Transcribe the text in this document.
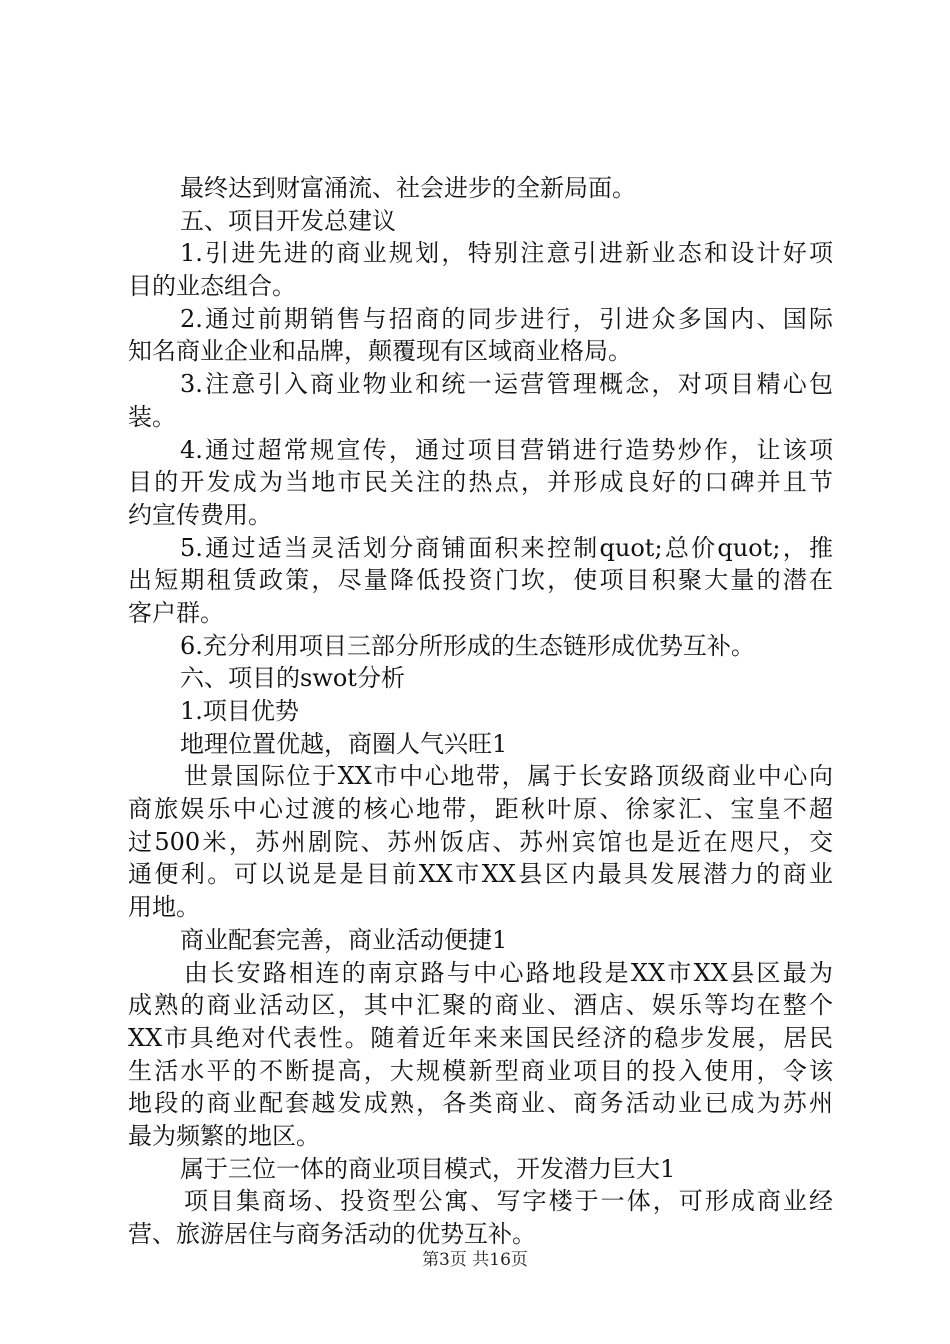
最终达到财富涌流、社会进步的全新局面。
五、项目开发总建议
1.引进先进的商业规划，特别注意引进新业态和设计好项
目的业态组合。
2.通过前期销售与招商的同步进行，引进众多国内、国际
知名商业企业和品牌，颠覆现有区域商业格局。
3.注意引入商业物业和统一运营管理概念，对项目精心包
装。
4.通过超常规宣传，通过项目营销进行造势炒作，让该项
目的开发成为当地市民关注的热点，并形成良好的口碑并且节
约宣传费用。
5.通过适当灵活划分商铺面积来控制quot;总价quot;，推
出短期租赁政策，尽量降低投资门坎，使项目积聚大量的潜在
客户群。
6.充分利用项目三部分所形成的生态链形成优势互补。
六、项目的swot分析
1.项目优势
地理位置优越，商圈人气兴旺1
世景国际位于XX市中心地带，属于长安路顶级商业中心向
商旅娱乐中心过渡的核心地带，距秋叶原、徐家汇、宝皇不超
过500米，苏州剧院、苏州饭店、苏州宾馆也是近在咫尺，交
通便利。可以说是是目前XX市XX县区内最具发展潜力的商业
用地。
商业配套完善，商业活动便捷1
由长安路相连的南京路与中心路地段是XX市XX县区最为
成熟的商业活动区，其中汇聚的商业、酒店、娱乐等均在整个
XX市具绝对代表性。随着近年来来国民经济的稳步发展，居民
生活水平的不断提高，大规模新型商业项目的投入使用，令该
地段的商业配套越发成熟，各类商业、商务活动业已成为苏州
最为频繁的地区。
属于三位一体的商业项目模式，开发潜力巨大1
项目集商场、投资型公寓、写字楼于一体，可形成商业经
营、旅游居住与商务活动的优势互补。
第3页 共16页
